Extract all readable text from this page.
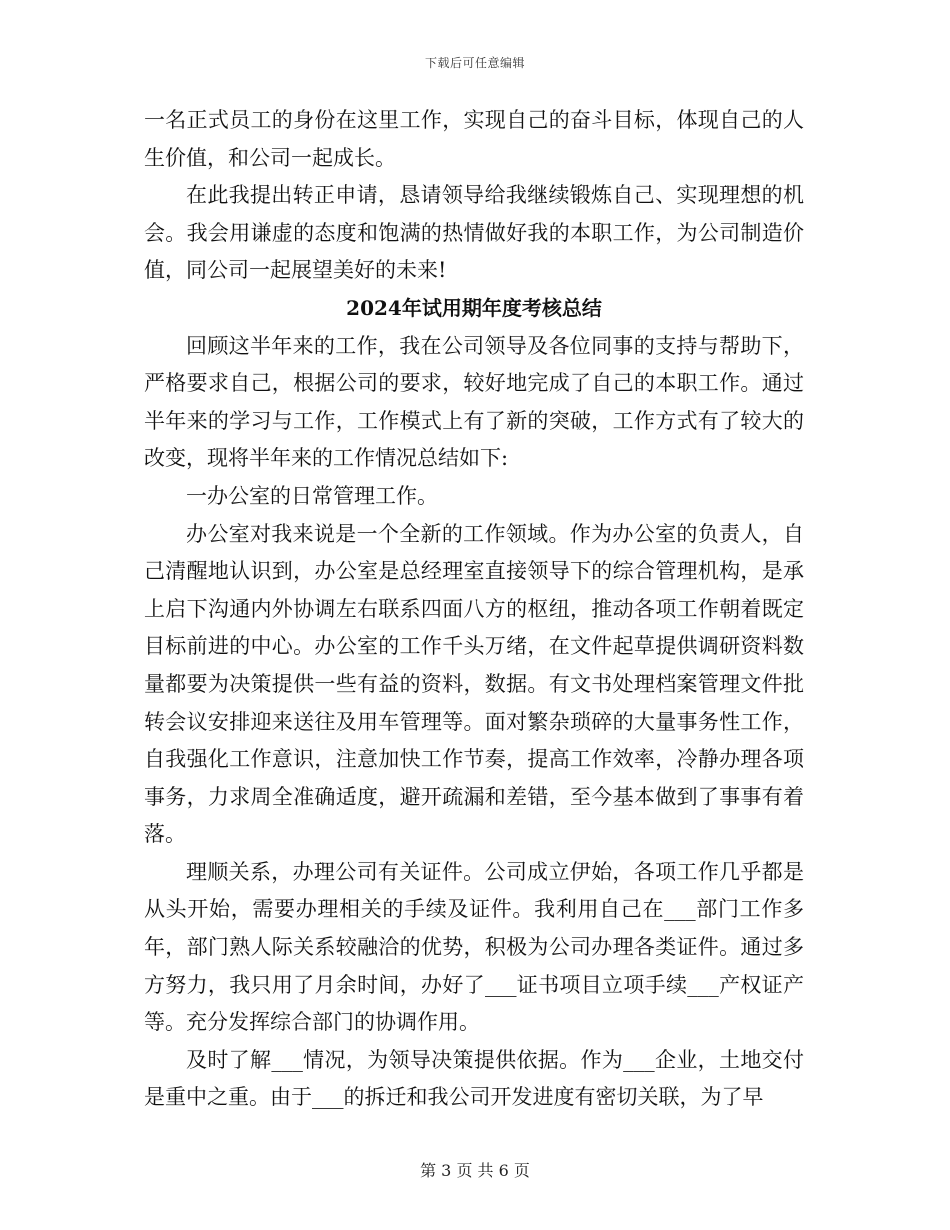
下载后可任意编辑

一名正式员工的身份在这里工作，实现自己的奋斗目标，体现自己的人生价值，和公司一起成长。

在此我提出转正申请，恳请领导给我继续锻炼自己、实现理想的机会。我会用谦虚的态度和饱满的热情做好我的本职工作，为公司制造价值，同公司一起展望美好的未来!

2024年试用期年度考核总结

回顾这半年来的工作，我在公司领导及各位同事的支持与帮助下，严格要求自己，根据公司的要求，较好地完成了自己的本职工作。通过半年来的学习与工作，工作模式上有了新的突破，工作方式有了较大的改变，现将半年来的工作情况总结如下:

一办公室的日常管理工作。

办公室对我来说是一个全新的工作领域。作为办公室的负责人，自己清醒地认识到，办公室是总经理室直接领导下的综合管理机构，是承上启下沟通内外协调左右联系四面八方的枢纽，推动各项工作朝着既定目标前进的中心。办公室的工作千头万绪，在文件起草提供调研资料数量都要为决策提供一些有益的资料，数据。有文书处理档案管理文件批转会议安排迎来送往及用车管理等。面对繁杂琐碎的大量事务性工作，自我强化工作意识，注意加快工作节奏，提高工作效率，冷静办理各项事务，力求周全准确适度，避开疏漏和差错，至今基本做到了事事有着落。

理顺关系，办理公司有关证件。公司成立伊始，各项工作几乎都是从头开始，需要办理相关的手续及证件。我利用自己在___部门工作多年，部门熟人际关系较融洽的优势，积极为公司办理各类证件。通过多方努力，我只用了月余时间，办好了___证书项目立项手续___产权证产等。充分发挥综合部门的协调作用。

及时了解___情况，为领导决策提供依据。作为___企业，土地交付是重中之重。由于___的拆迁和我公司开发进度有密切关联，为了早

第 3 页 共 6 页
